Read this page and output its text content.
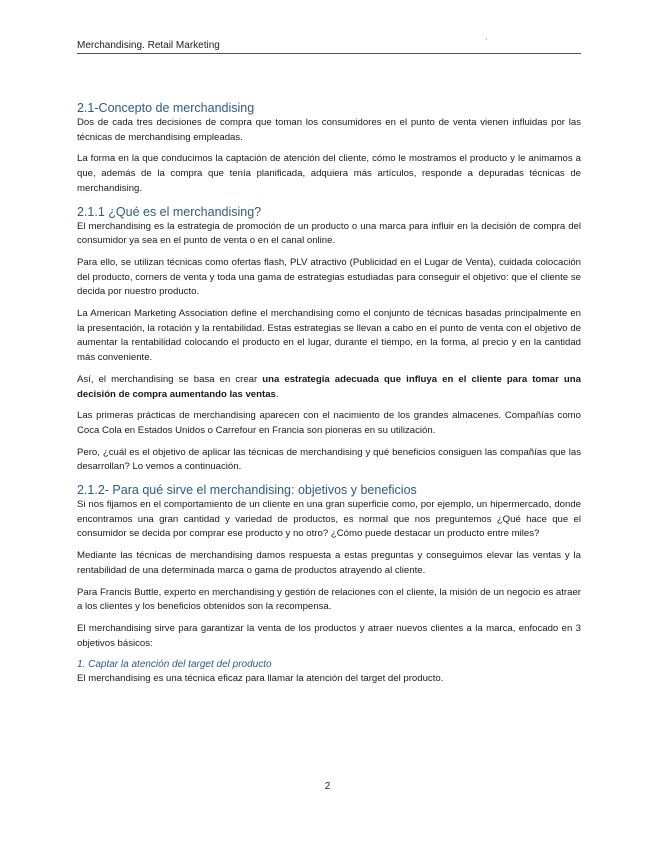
Merchandising. Retail Marketing	`
2.1-Concepto de merchandising

Dos de cada tres decisiones de compra que toman los consumidores en el punto de venta vienen influidas por las técnicas de merchandising empleadas.

La forma en la que conducimos la captación de atención del cliente, cómo le mostramos el producto y le animamos a que, además de la compra que tenía planificada, adquiera más artículos, responde a depuradas técnicas de merchandising.

2.1.1 ¿Qué es el merchandising?

El merchandising es la estrategia de promoción de un producto o una marca para influir en la decisión de compra del consumidor ya sea en el punto de venta o en el canal online.

Para ello, se utilizan técnicas como ofertas flash, PLV atractivo (Publicidad en el Lugar de Venta), cuidada colocación del producto, corners de venta y toda una gama de estrategias estudiadas para conseguir el objetivo: que el cliente se decida por nuestro producto.

La American Marketing Association define el merchandising como el conjunto de técnicas basadas principalmente en la presentación, la rotación y la rentabilidad. Estas estrategias se llevan a cabo en el punto de venta con el objetivo de aumentar la rentabilidad colocando el producto en el lugar, durante el tiempo, en la forma, al precio y en la cantidad más conveniente.

Así, el merchandising se basa en crear una estrategia adecuada que influya en el cliente para tomar una decisión de compra aumentando las ventas.

Las primeras prácticas de merchandising aparecen con el nacimiento de los grandes almacenes. Compañías como Coca Cola en Estados Unidos o Carrefour en Francia son pioneras en su utilización.

Pero, ¿cuál es el objetivo de aplicar las técnicas de merchandising y qué beneficios consiguen las compañías que las desarrollan? Lo vemos a continuación.

2.1.2- Para qué sirve el merchandising: objetivos y beneficios

Si nos fijamos en el comportamiento de un cliente en una gran superficie como, por ejemplo, un hipermercado, donde encontramos una gran cantidad y variedad de productos, es normal que nos preguntemos ¿Qué hace que el consumidor se decida por comprar ese producto y no otro? ¿Cómo puede destacar un producto entre miles?

Mediante las técnicas de merchandising damos respuesta a estas preguntas y conseguimos elevar las ventas y la rentabilidad de una determinada marca o gama de productos atrayendo al cliente.

Para Francis Buttle, experto en merchandising y gestión de relaciones con el cliente, la misión de un negocio es atraer a los clientes y los beneficios obtenidos son la recompensa.

El merchandising sirve para garantizar la venta de los productos y atraer nuevos clientes a la marca, enfocado en 3 objetivos básicos:

1. Captar la atención del target del producto

El merchandising es una técnica eficaz para llamar la atención del target del producto.

2
